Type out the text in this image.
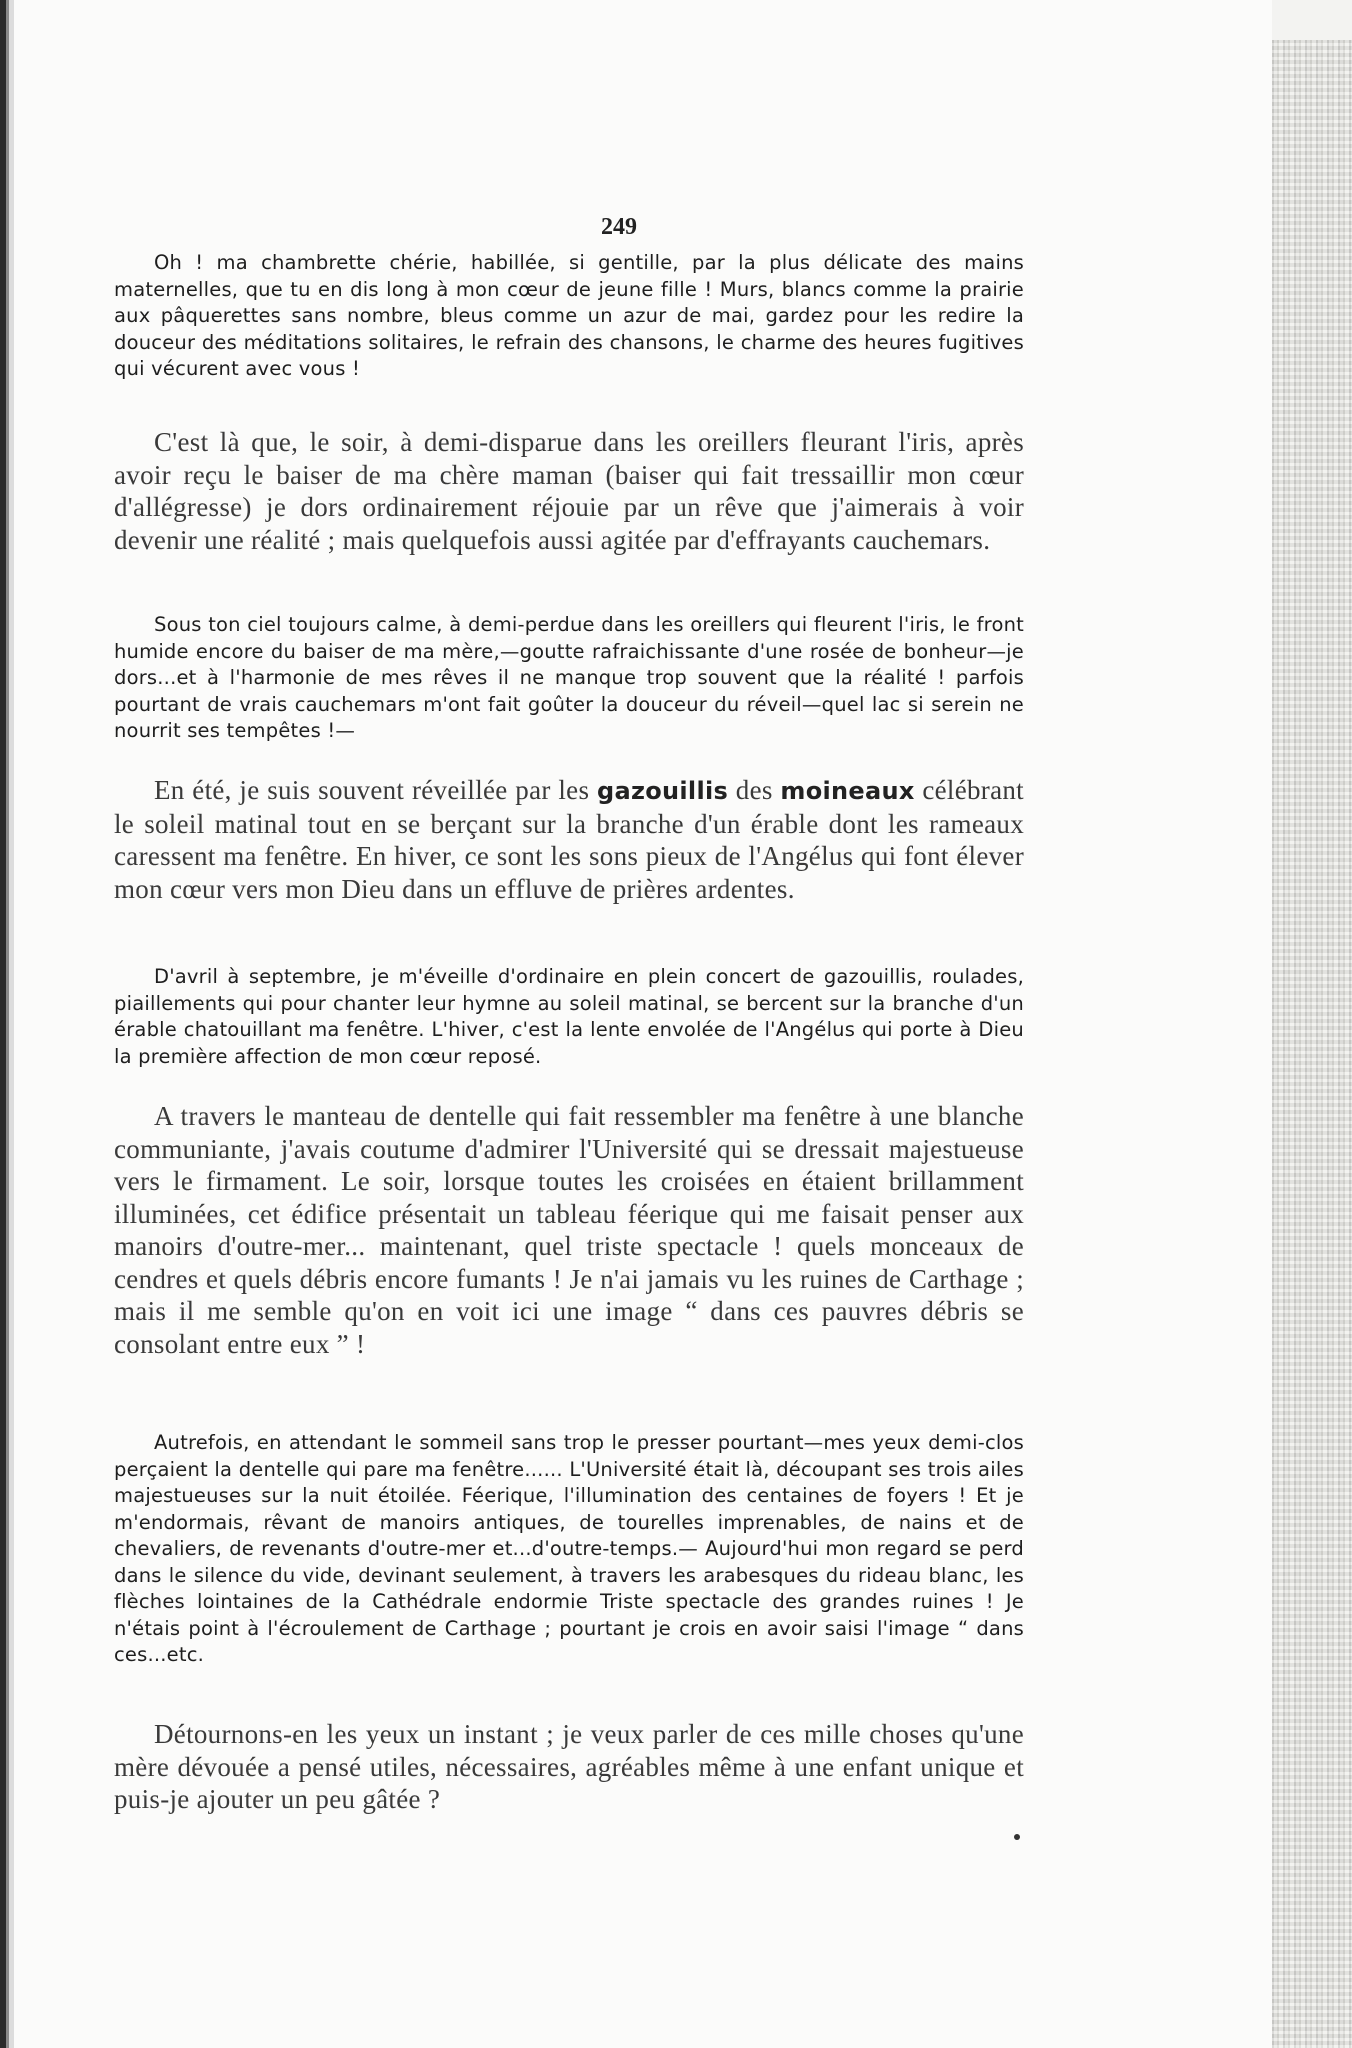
249

Oh ! ma chambrette chérie, habillée, si gentille, par la plus délicate des mains maternelles, que tu en dis long à mon cœur de jeune fille ! Murs, blancs comme la prairie aux pâquerettes sans nombre, bleus comme un azur de mai, gardez pour les redire la douceur des méditations solitaires, le refrain des chansons, le charme des heures fugitives qui vécurent avec vous !

C'est là que, le soir, à demi-disparue dans les oreillers fleurant l'iris, après avoir reçu le baiser de ma chère maman (baiser qui fait tressaillir mon cœur d'allégresse) je dors ordinairement réjouie par un rêve que j'aimerais à voir devenir une réalité ; mais quelquefois aussi agitée par d'effrayants cauchemars.

Sous ton ciel toujours calme, à demi-perdue dans les oreillers qui fleurent l'iris, le front humide encore du baiser de ma mère,—goutte rafraichissante d'une rosée de bonheur—je dors...et à l'harmonie de mes rêves il ne manque trop souvent que la réalité ! parfois pourtant de vrais cauchemars m'ont fait goûter la douceur du réveil—quel lac si serein ne nourrit ses tempêtes !—

En été, je suis souvent réveillée par les gazouillis des moineaux célébrant le soleil matinal tout en se berçant sur la branche d'un érable dont les rameaux caressent ma fenêtre. En hiver, ce sont les sons pieux de l'Angélus qui font élever mon cœur vers mon Dieu dans un effluve de prières ardentes.

D'avril à septembre, je m'éveille d'ordinaire en plein concert de gazouillis, roulades, piaillements qui pour chanter leur hymne au soleil matinal, se bercent sur la branche d'un érable chatouillant ma fenêtre. L'hiver, c'est la lente envolée de l'Angélus qui porte à Dieu la première affection de mon cœur reposé.

A travers le manteau de dentelle qui fait ressembler ma fenêtre à une blanche communiante, j'avais coutume d'admirer l'Université qui se dressait majestueuse vers le firmament. Le soir, lorsque toutes les croisées en étaient brillamment illuminées, cet édifice présentait un tableau féerique qui me faisait penser aux manoirs d'outre-mer... maintenant, quel triste spectacle ! quels monceaux de cendres et quels débris encore fumants ! Je n'ai jamais vu les ruines de Carthage ; mais il me semble qu'on en voit ici une image “ dans ces pauvres débris se consolant entre eux ” !

Autrefois, en attendant le sommeil sans trop le presser pourtant—mes yeux demi-clos perçaient la dentelle qui pare ma fenêtre...... L'Université était là, découpant ses trois ailes majestueuses sur la nuit étoilée. Féerique, l'illumination des centaines de foyers ! Et je m'endormais, rêvant de manoirs antiques, de tourelles imprenables, de nains et de chevaliers, de revenants d'outre-mer et...d'outre-temps.— Aujourd'hui mon regard se perd dans le silence du vide, devinant seulement, à travers les arabesques du rideau blanc, les flèches lointaines de la Cathédrale endormie Triste spectacle des grandes ruines ! Je n'étais point à l'écroulement de Carthage ; pourtant je crois en avoir saisi l'image “ dans ces...etc.

Détournons-en les yeux un instant ; je veux parler de ces mille choses qu'une mère dévouée a pensé utiles, nécessaires, agréables même à une enfant unique et puis-je ajouter un peu gâtée ?
